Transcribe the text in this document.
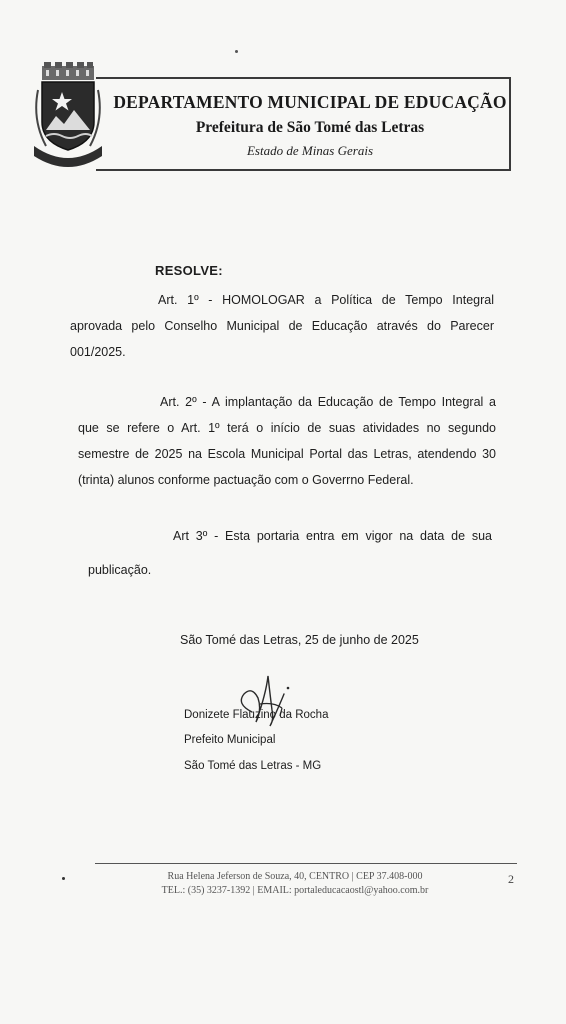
DEPARTAMENTO MUNICIPAL DE EDUCAÇÃO
Prefeitura de São Tomé das Letras
Estado de Minas Gerais
RESOLVE:
Art. 1º - HOMOLOGAR a Política de Tempo Integral
aprovada pelo Conselho Municipal de Educação através do Parecer
001/2025.
Art. 2º - A implantação da Educação de Tempo Integral a
que se refere o Art. 1º terá o início de suas atividades no segundo
semestre de 2025 na Escola Municipal Portal das Letras, atendendo 30
(trinta) alunos conforme pactuação com o Goverrno Federal.
Art 3º - Esta portaria entra em vigor na data de sua
publicação.
São Tomé das Letras, 25 de junho de 2025
Donizete Flauzino da Rocha
Prefeito Municipal
São Tomé das Letras - MG
Rua Helena Jeferson de Souza, 40, CENTRO | CEP 37.408-000
TEL.: (35) 3237-1392 | EMAIL: portaleducacaostl@yahoo.com.br
2
